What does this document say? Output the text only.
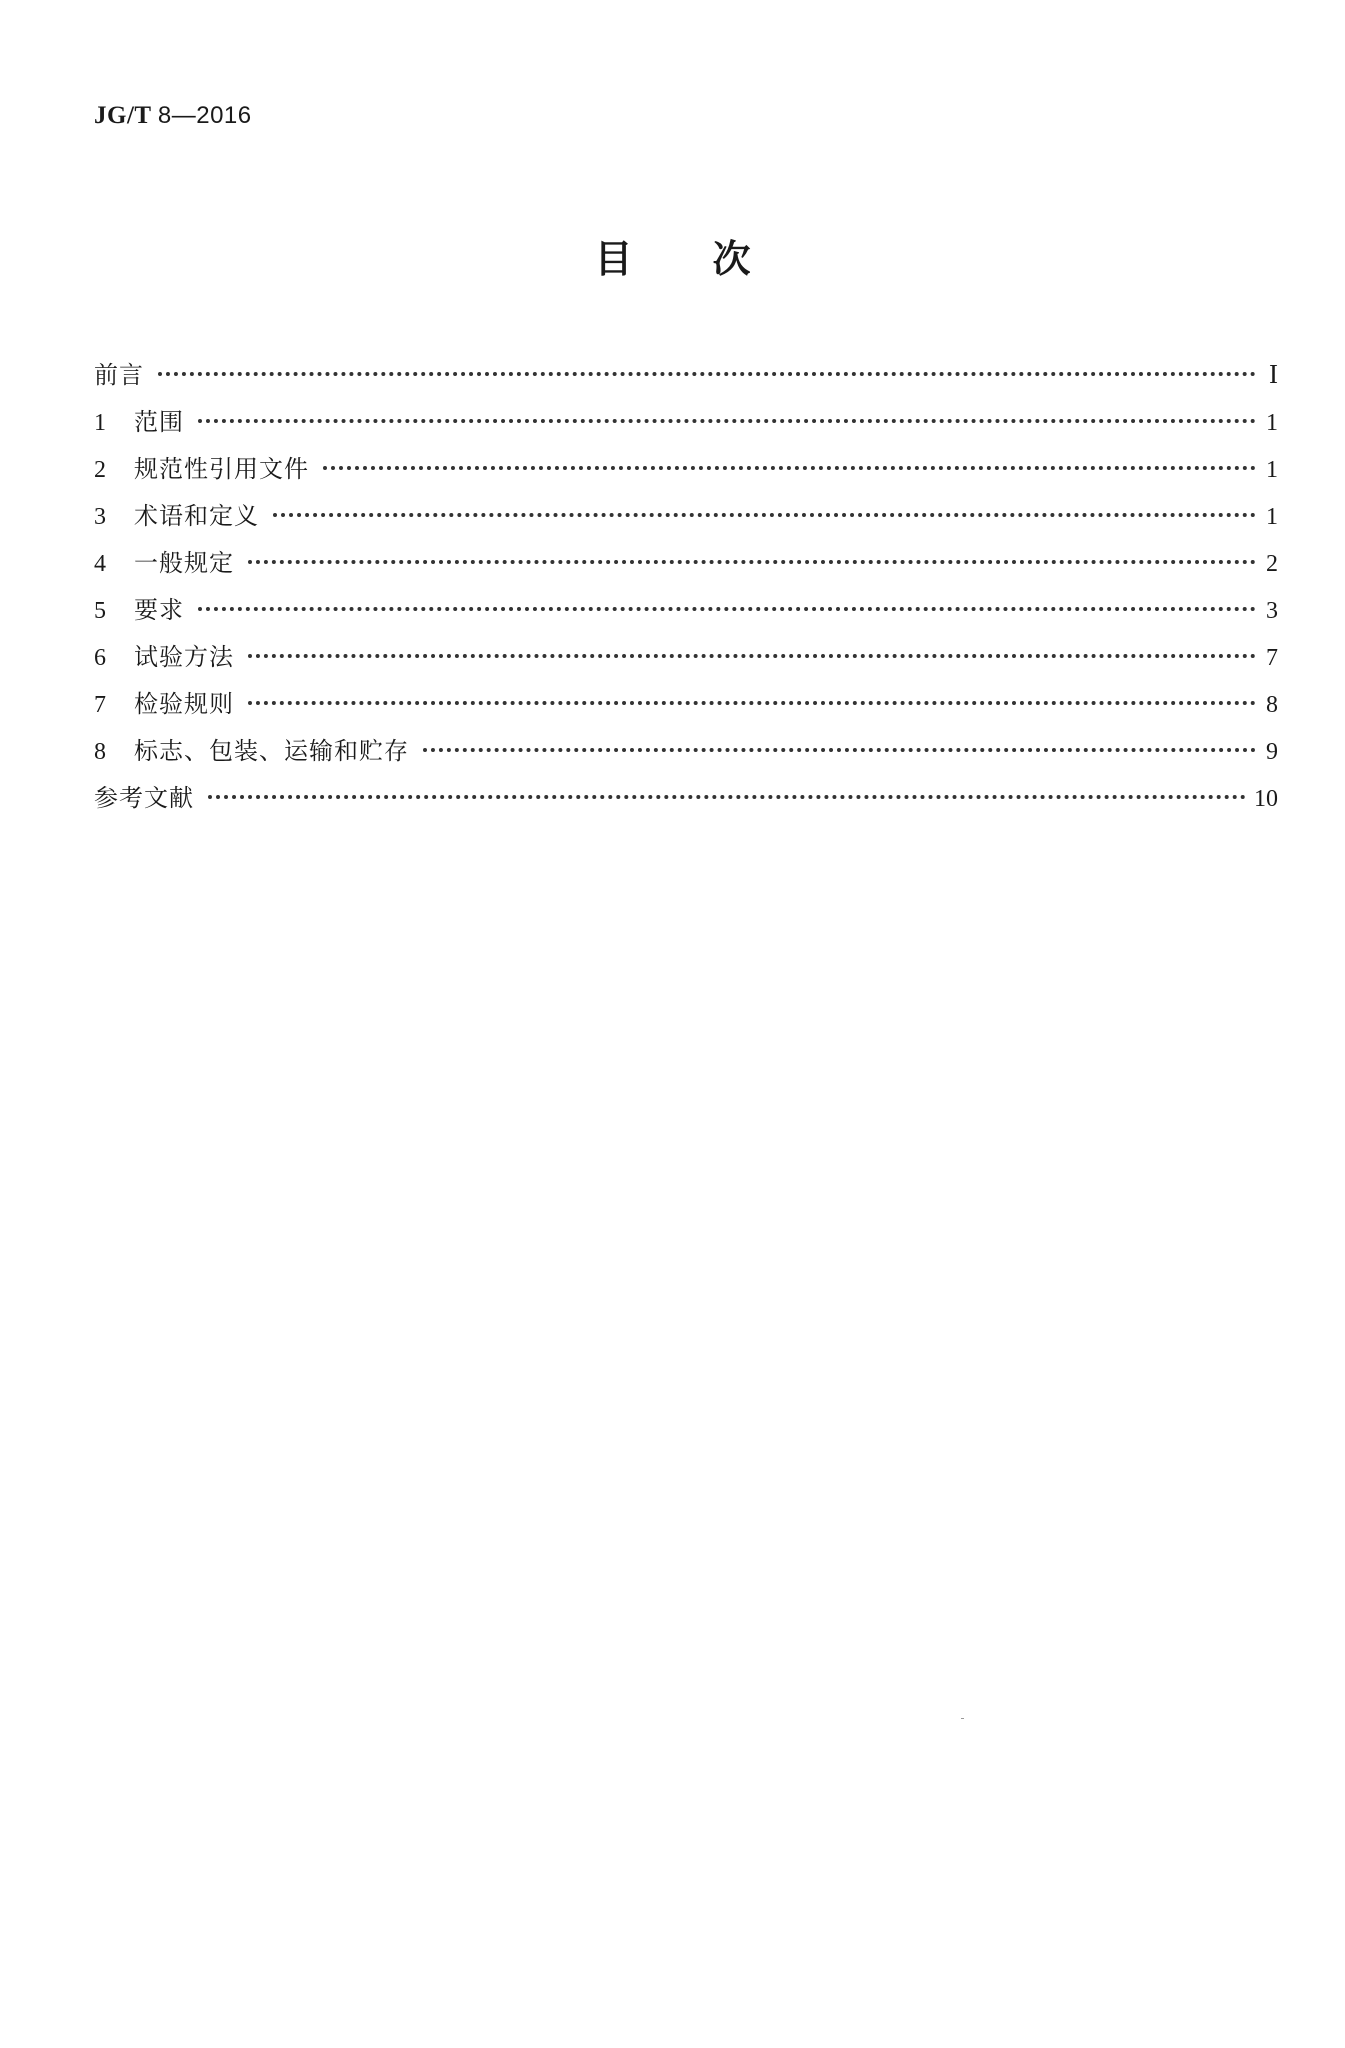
JG/T 8—2016
目 次
前言	I
1	范围	1
2	规范性引用文件	1
3	术语和定义	1
4	一般规定	2
5	要求	3
6	试验方法	7
7	检验规则	8
8	标志、包装、运输和贮存	9
参考文献	10
